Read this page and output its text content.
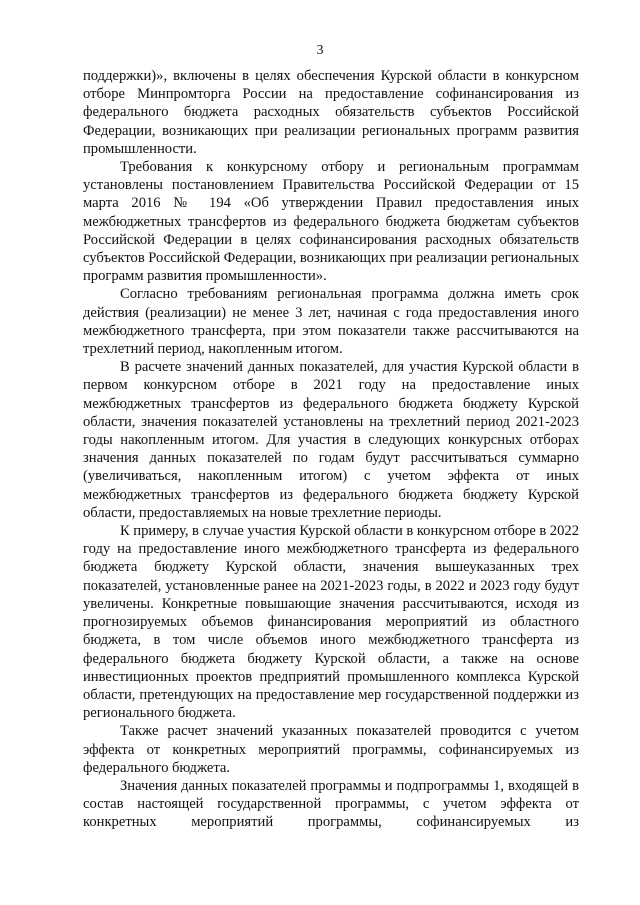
3

поддержки)», включены в целях обеспечения Курской области в конкурсном отборе Минпромторга России на предоставление софинансирования из федерального бюджета расходных обязательств субъектов Российской Федерации, возникающих при реализации региональных программ развития промышленности.

Требования к конкурсному отбору и региональным программам установлены постановлением Правительства Российской Федерации от 15 марта 2016 № 194 «Об утверждении Правил предоставления иных межбюджетных трансфертов из федерального бюджета бюджетам субъектов Российской Федерации в целях софинансирования расходных обязательств субъектов Российской Федерации, возникающих при реализации региональных программ развития промышленности».

Согласно требованиям региональная программа должна иметь срок действия (реализации) не менее 3 лет, начиная с года предоставления иного межбюджетного трансферта, при этом показатели также рассчитываются на трехлетний период, накопленным итогом.

В расчете значений данных показателей, для участия Курской области в первом конкурсном отборе в 2021 году на предоставление иных межбюджетных трансфертов из федерального бюджета бюджету Курской области, значения показателей установлены на трехлетний период 2021-2023 годы накопленным итогом. Для участия в следующих конкурсных отборах значения данных показателей по годам будут рассчитываться суммарно (увеличиваться, накопленным итогом) с учетом эффекта от иных межбюджетных трансфертов из федерального бюджета бюджету Курской области, предоставляемых на новые трехлетние периоды.

К примеру, в случае участия Курской области в конкурсном отборе в 2022 году на предоставление иного межбюджетного трансферта из федерального бюджета бюджету Курской области, значения вышеуказанных трех показателей, установленные ранее на 2021-2023 годы, в 2022 и 2023 году будут увеличены. Конкретные повышающие значения рассчитываются, исходя из прогнозируемых объемов финансирования мероприятий из областного бюджета, в том числе объемов иного межбюджетного трансферта из федерального бюджета бюджету Курской области, а также на основе инвестиционных проектов предприятий промышленного комплекса Курской области, претендующих на предоставление мер государственной поддержки из регионального бюджета.

Также расчет значений указанных показателей проводится с учетом эффекта от конкретных мероприятий программы, софинансируемых из федерального бюджета.

Значения данных показателей программы и подпрограммы 1, входящей в состав настоящей государственной программы, с учетом эффекта от конкретных мероприятий программы, софинансируемых из
